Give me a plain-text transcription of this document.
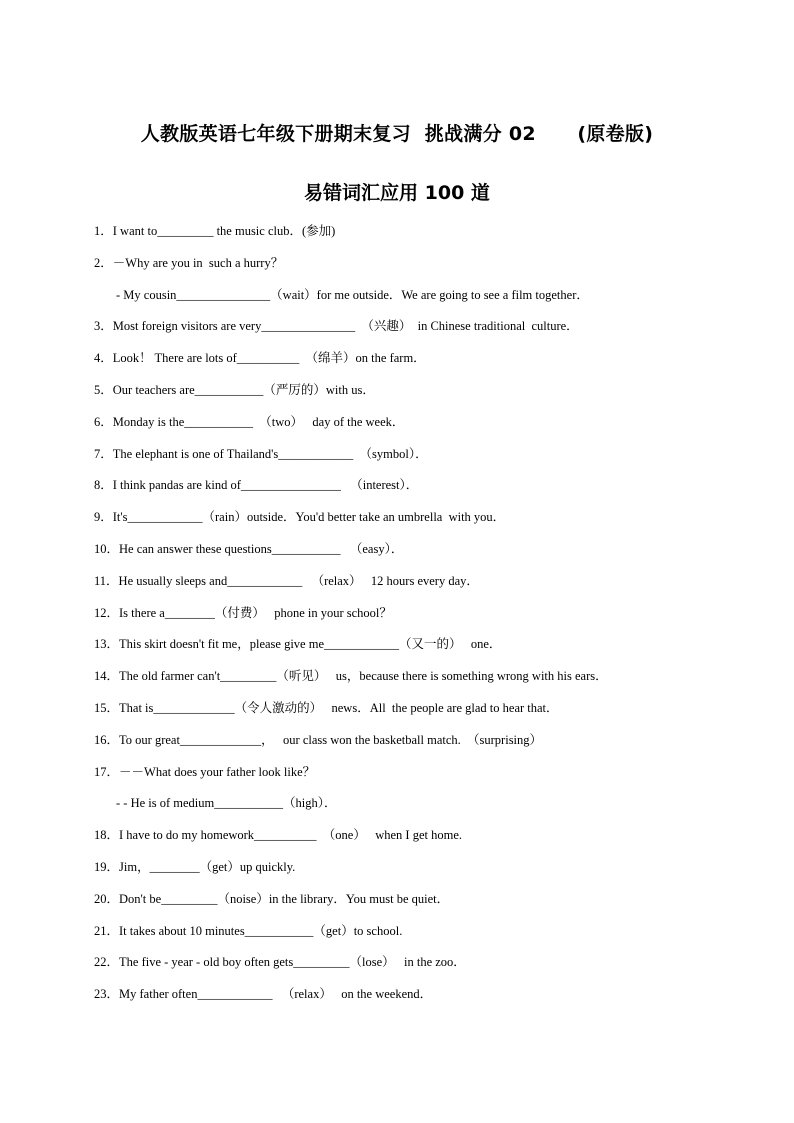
人教版英语七年级下册期末复习  挑战满分 02      (原卷版)
易错词汇应用 100 道
1．I want to_________ the music club．(参加)
2．－Why are you in  such a hurry？
- My cousin_______________（wait）for me outside．We are going to see a film together．
3．Most foreign visitors are very_______________  （兴趣）  in Chinese traditional  culture．
4．Look！ There are lots of__________  （绵羊）on the farm．
5．Our teachers are___________（严厉的）with us．
6．Monday is the___________  （two）   day of the week．
7．The elephant is one of Thailand's____________  （symbol）．
8．I think pandas are kind of________________   （interest）．
9．It's____________（rain）outside．You'd better take an umbrella  with you．
10．He can answer these questions___________   （easy）．
11．He usually sleeps and____________   （relax）   12 hours every day．
12．Is there a________（付费）   phone in your school？
13．This skirt doesn't fit me，please give me____________（又一的）   one．
14．The old farmer can't_________（听见）   us，because there is something wrong with his ears．
15．That is_____________（令人激动的）   news．All  the people are glad to hear that．
16．To our great_____________，   our class won the basketball match.  （surprising）
17．－－What does your father look like？
- - He is of medium___________（high）．
18．I have to do my homework__________  （one）   when I get home.
19．Jim，________（get）up quickly.
20．Don't be_________（noise）in the library．You must be quiet．
21．It takes about 10 minutes___________（get）to school.
22．The five - year - old boy often gets_________（lose）   in the zoo．
23．My father often____________   （relax）   on the weekend．
